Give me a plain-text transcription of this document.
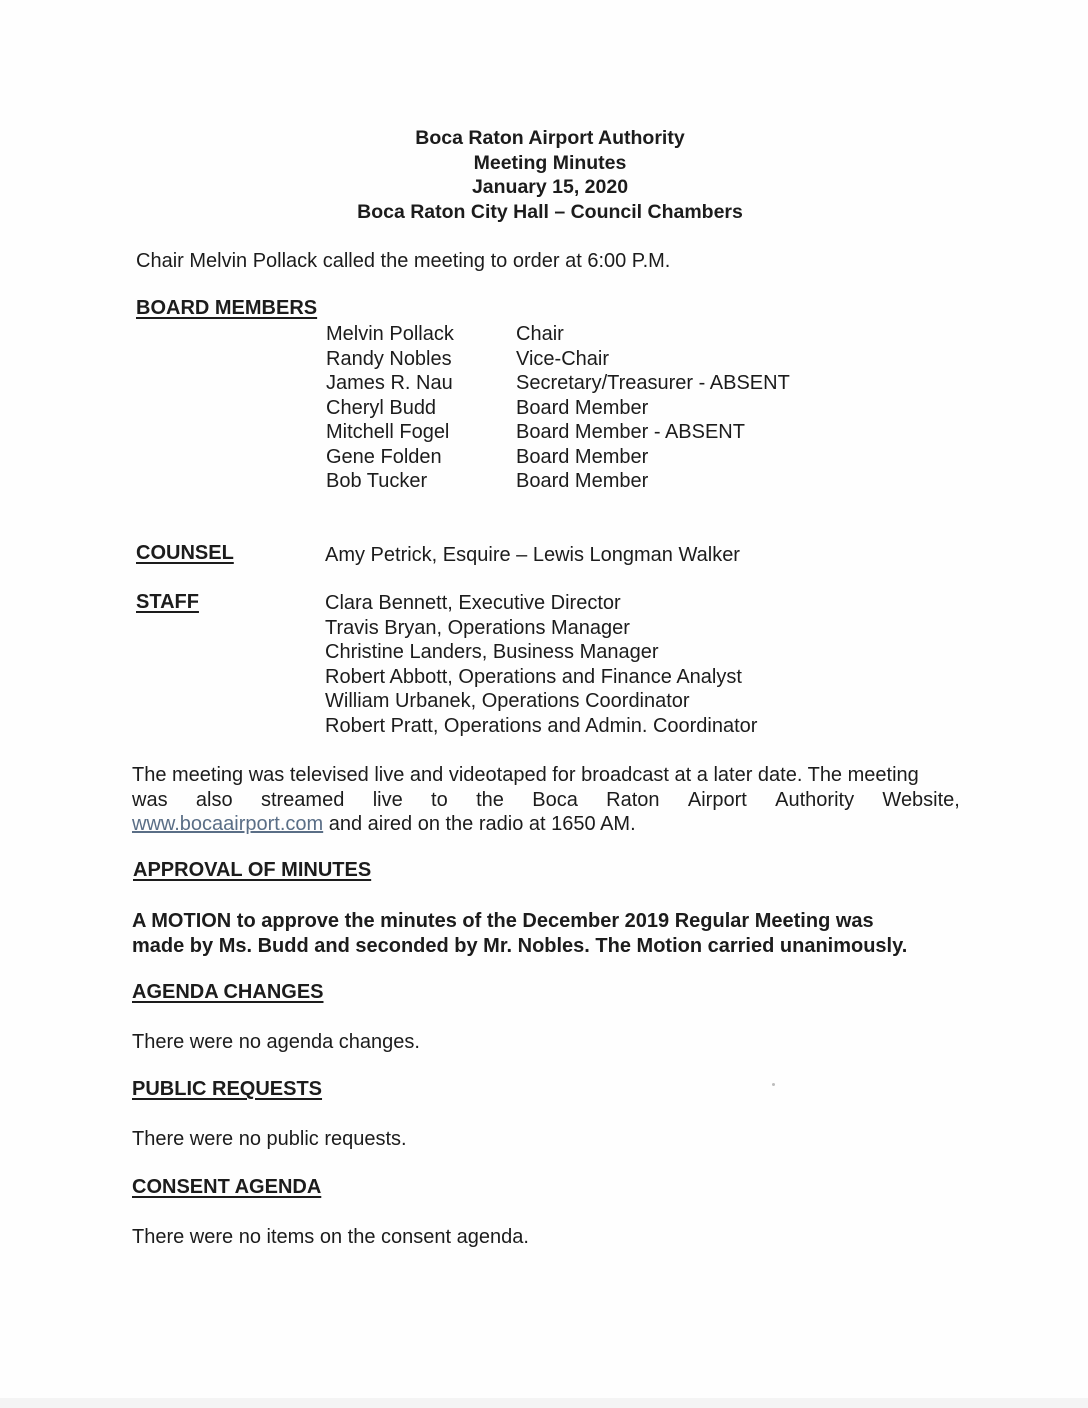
Boca Raton Airport Authority
Meeting Minutes
January 15, 2020
Boca Raton City Hall – Council Chambers
Chair Melvin Pollack called the meeting to order at 6:00 P.M.
BOARD MEMBERS
Melvin Pollack	Chair
Randy Nobles	Vice-Chair
James R. Nau	Secretary/Treasurer - ABSENT
Cheryl Budd	Board Member
Mitchell Fogel	Board Member - ABSENT
Gene Folden	Board Member
Bob Tucker	Board Member
COUNSEL	Amy Petrick, Esquire – Lewis Longman Walker
STAFF	Clara Bennett, Executive Director
Travis Bryan, Operations Manager
Christine Landers, Business Manager
Robert Abbott, Operations and Finance Analyst
William Urbanek, Operations Coordinator
Robert Pratt, Operations and Admin. Coordinator
The meeting was televised live and videotaped for broadcast at a later date. The meeting
was also streamed live to the Boca Raton Airport Authority Website,
www.bocaairport.com and aired on the radio at 1650 AM.
APPROVAL OF MINUTES
A MOTION to approve the minutes of the December 2019 Regular Meeting was
made by Ms. Budd and seconded by Mr. Nobles. The Motion carried unanimously.
AGENDA CHANGES
There were no agenda changes.
PUBLIC REQUESTS
There were no public requests.
CONSENT AGENDA
There were no items on the consent agenda.
